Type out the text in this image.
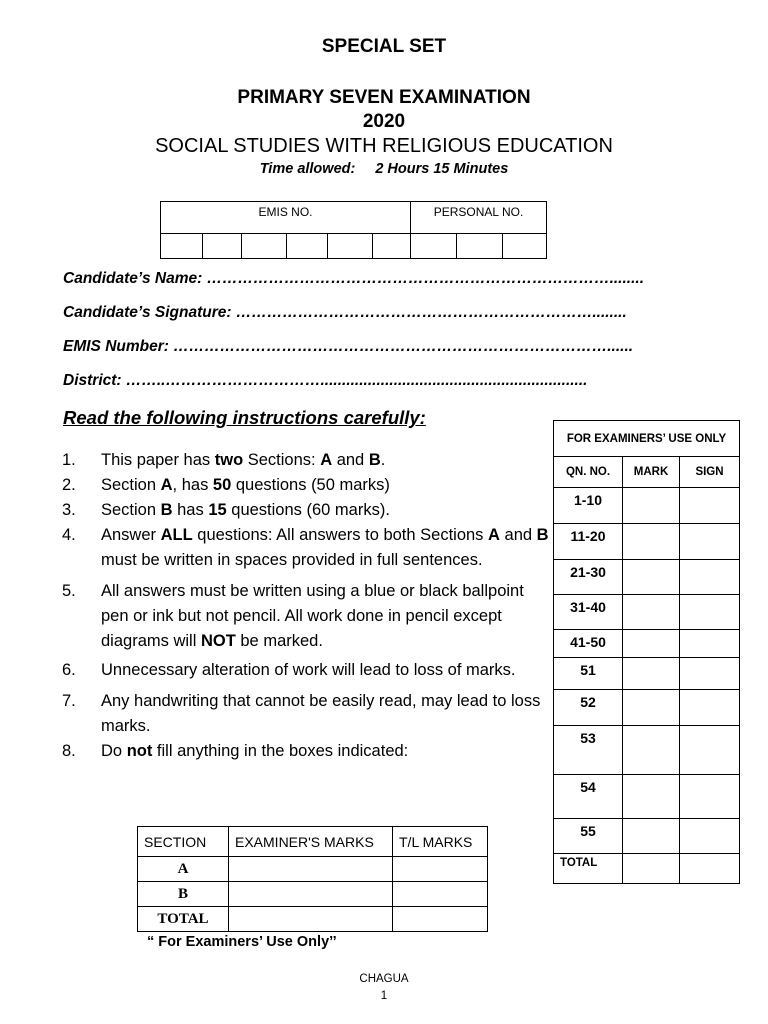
SPECIAL SET
PRIMARY SEVEN EXAMINATION
2020
SOCIAL STUDIES WITH RELIGIOUS EDUCATION
Time allowed: 2 Hours 15 Minutes
EMIS NO.						PERSONAL NO.		

Candidate’s Name: ……………………………………………………………………........
Candidate’s Signature: ……………………………………………………………........
EMIS Number: …………………………………………………………………………......
District: ……..…………………………..............................................................
Read the following instructions carefully:
1.	This paper has two Sections: A and B.
2.	Section A, has 50 questions (50 marks)
3.	Section B has 15 questions (60 marks).
4.	Answer ALL questions: All answers to both Sections A and B must be written in spaces provided in full sentences.
5.	All answers must be written using a blue or black ballpoint pen or ink but not pencil. All work done in pencil except diagrams will NOT be marked.
6.	Unnecessary alteration of work will lead to loss of marks.
7.	Any handwriting that cannot be easily read, may lead to loss marks.
8.	Do not fill anything in the boxes indicated:
SECTION	EXAMINER'S MARKS	T/L MARKS
A		
B		
TOTAL		
“ For Examiners’ Use Only’’
FOR EXAMINERS’ USE ONLY		
QN. NO.	MARK	SIGN
1-10		
11-20		
21-30		
31-40		
41-50		
51		
52		
53		
54		
55		
TOTAL		
CHAGUA
1
